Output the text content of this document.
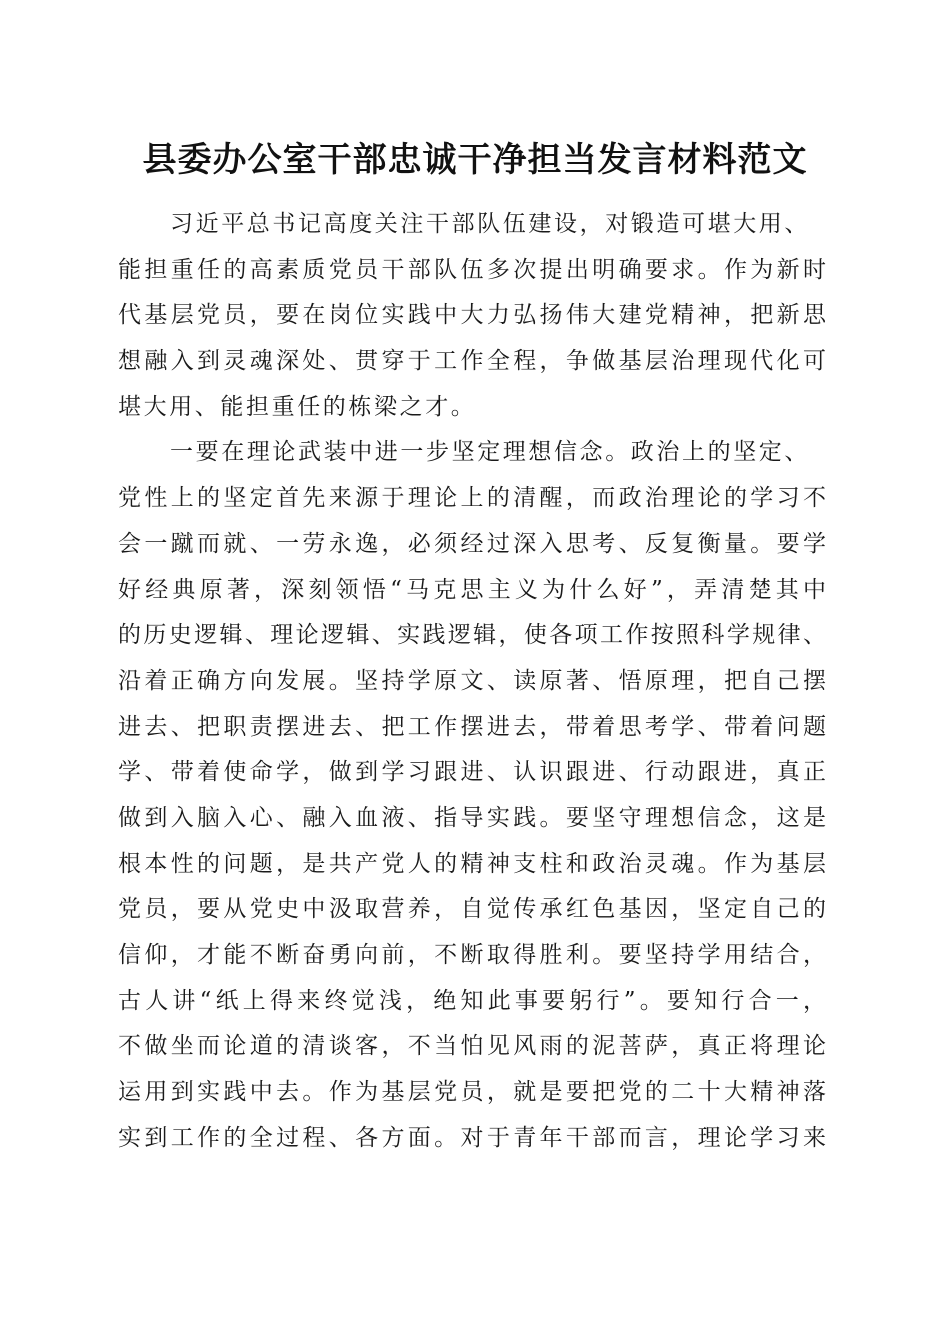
县委办公室干部忠诚干净担当发言材料范文
习近平总书记高度关注干部队伍建设，对锻造可堪大用、
能担重任的高素质党员干部队伍多次提出明确要求。作为新时
代基层党员，要在岗位实践中大力弘扬伟大建党精神，把新思
想融入到灵魂深处、贯穿于工作全程，争做基层治理现代化可
堪大用、能担重任的栋梁之才。
一要在理论武装中进一步坚定理想信念。政治上的坚定、
党性上的坚定首先来源于理论上的清醒，而政治理论的学习不
会一蹴而就、一劳永逸，必须经过深入思考、反复衡量。要学
好经典原著，深刻领悟“马克思主义为什么好”，弄清楚其中
的历史逻辑、理论逻辑、实践逻辑，使各项工作按照科学规律、
沿着正确方向发展。坚持学原文、读原著、悟原理，把自己摆
进去、把职责摆进去、把工作摆进去，带着思考学、带着问题
学、带着使命学，做到学习跟进、认识跟进、行动跟进，真正
做到入脑入心、融入血液、指导实践。要坚守理想信念，这是
根本性的问题，是共产党人的精神支柱和政治灵魂。作为基层
党员，要从党史中汲取营养，自觉传承红色基因，坚定自己的
信仰，才能不断奋勇向前，不断取得胜利。要坚持学用结合，
古人讲“纸上得来终觉浅，绝知此事要躬行”。要知行合一，
不做坐而论道的清谈客，不当怕见风雨的泥菩萨，真正将理论
运用到实践中去。作为基层党员，就是要把党的二十大精神落
实到工作的全过程、各方面。对于青年干部而言，理论学习来
